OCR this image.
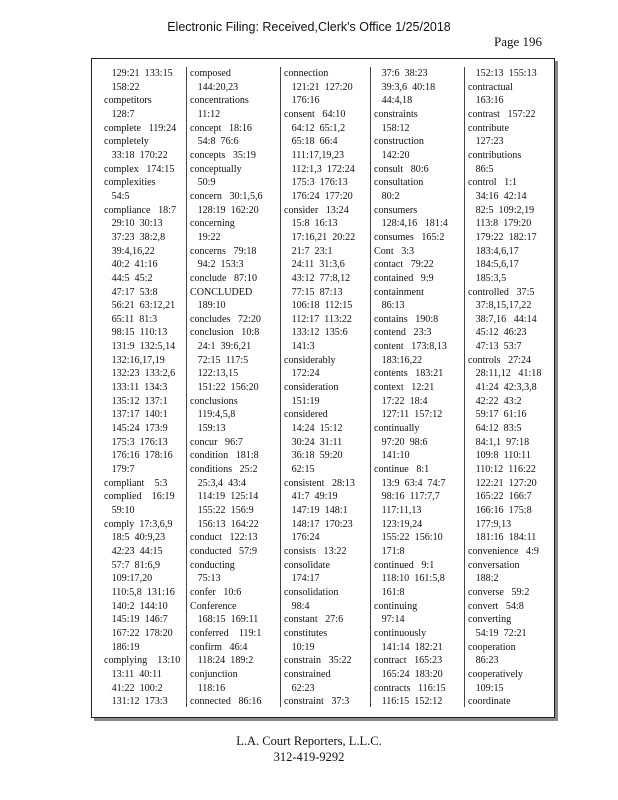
Electronic Filing: Received,Clerk's Office 1/25/2018
Page 196
129:21  133:15
158:22
competitors
128:7
complete   119:24
completely
33:18  170:22
complex   174:15
complexities
54:5
compliance   18:7
29:10  30:13
37:23  38:2,8
39:4,16,22
40:2  41:16
44:5  45:2
47:17  53:8
56:21  63:12,21
65:11  81:3
98:15  110:13
131:9  132:5,14
132:16,17,19
132:23  133:2,6
133:11  134:3
135:12  137:1
137:17  140:1
145:24  173:9
175:3  176:13
176:16  178:16
179:7
compliant    5:3
complied    16:19
59:10
comply  17:3,6,9
18:5  40:9,23
42:23  44:15
57:7  81:6,9
109:17,20
110:5,8  131:16
140:2  144:10
145:19  146:7
167:22  178:20
186:19
complying    13:10
13:11  40:11
41:22  100:2
131:12  173:3
composed
144:20,23
concentrations
11:12
concept   18:16
54:8  76:6
concepts   35:19
conceptually
50:9
concern   30:1,5,6
128:19  162:20
concerning
19:22
concerns   79:18
94:2  153:3
conclude   87:10
CONCLUDED
189:10
concludes   72:20
conclusion   10:8
24:1  39:6,21
72:15  117:5
122:13,15
151:22  156:20
conclusions
119:4,5,8
159:13
concur   96:7
condition   181:8
conditions   25:2
25:3,4  43:4
114:19  125:14
155:22  156:9
156:13  164:22
conduct   122:13
conducted   57:9
conducting
75:13
confer   10:6
Conference
168:15  169:11
conferred    119:1
confirm   46:4
118:24  189:2
conjunction
118:16
connected   86:16
connection
121:21  127:20
176:16
consent   64:10
64:12  65:1,2
65:18  66:4
111:17,19,23
112:1,3  172:24
175:3  176:13
176:24  177:20
consider   13:24
15:8  16:13
17:16,21  20:22
21:7  23:1
24:11  31:3,6
43:12  77:8,12
77:15  87:13
106:18  112:15
112:17  113:22
133:12  135:6
141:3
considerably
172:24
consideration
151:19
considered
14:24  15:12
30:24  31:11
36:18  59:20
62:15
consistent   28:13
41:7  49:19
147:19  148:1
148:17  170:23
176:24
consists   13:22
consolidate
174:17
consolidation
98:4
constant   27:6
constitutes
10:19
constrain   35:22
constrained
62:23
constraint   37:3
37:6  38:23
39:3,6  40:18
44:4,18
constraints
158:12
construction
142:20
consult   80:6
consultation
80:2
consumers
128:4,16   181:4
consumes   165:2
Cont   3:3
contact   79:22
contained   9:9
containment
86:13
contains   190:8
contend   23:3
content   173:8,13
183:16,22
contents   183:21
context   12:21
17:22  18:4
127:11  157:12
continually
97:20  98:6
141:10
continue   8:1
13:9  63:4  74:7
98:16  117:7,7
117:11,13
123:19,24
155:22  156:10
171:8
continued   9:1
118:10  161:5,8
161:8
continuing
97:14
continuously
141:14  182:21
contract   165:23
165:24  183:20
contracts   116:15
116:15  152:12
152:13  155:13
contractual
163:16
contrast   157:22
contribute
127:23
contributions
86:5
control   1:1
34:16  42:14
82:5  109:2,19
113:8  179:20
179:22  182:17
183:4,6,17
184:5,6,17
185:3,5
controlled   37:5
37:8,15,17,22
38:7,16   44:14
45:12  46:23
47:13  53:7
controls   27:24
28:11,12   41:18
41:24  42:3,3,8
42:22  43:2
59:17  61:16
64:12  83:5
84:1,1  97:18
109:8  110:11
110:12  116:22
122:21  127:20
165:22  166:7
166:16  175:8
177:9,13
181:16  184:11
convenience   4:9
conversation
188:2
converse   59:2
convert   54:8
converting
54:19  72:21
cooperation
86:23
cooperatively
109:15
coordinate
L.A. Court Reporters, L.L.C.
312-419-9292
